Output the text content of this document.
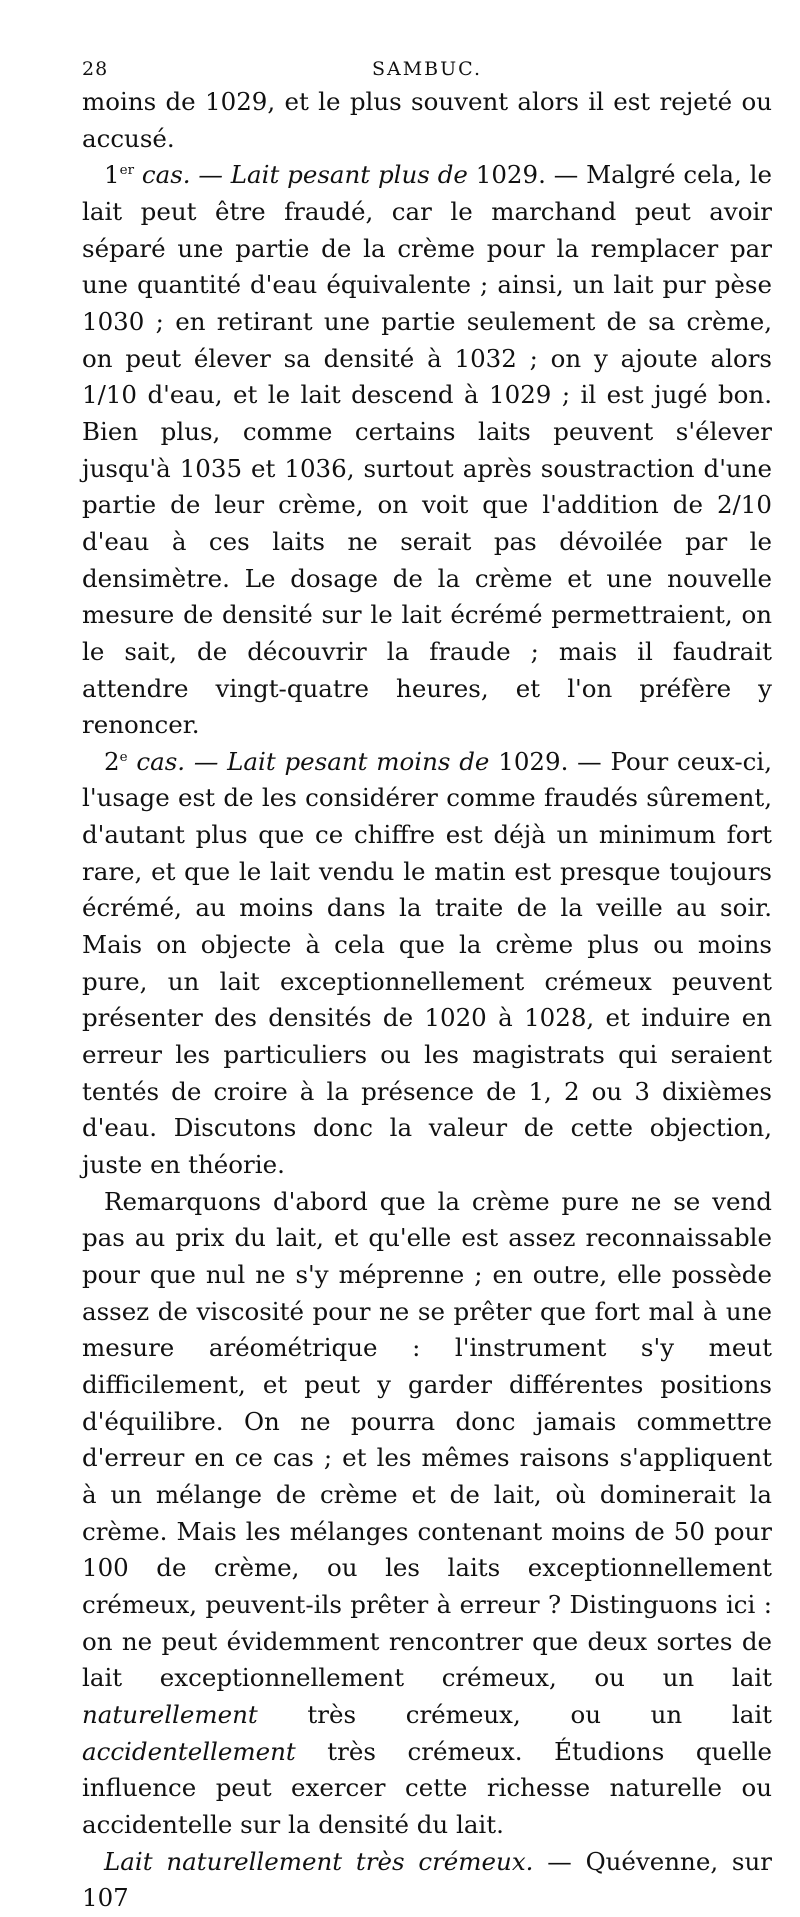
28	SAMBUC.

moins de 1029, et le plus souvent alors il est rejeté ou accusé.

1er cas. — Lait pesant plus de 1029. — Malgré cela, le lait peut être fraudé, car le marchand peut avoir séparé une partie de la crème pour la remplacer par une quantité d'eau équivalente ; ainsi, un lait pur pèse 1030 ; en retirant une partie seulement de sa crème, on peut élever sa densité à 1032 ; on y ajoute alors 1/10 d'eau, et le lait descend à 1029 ; il est jugé bon. Bien plus, comme certains laits peuvent s'élever jusqu'à 1035 et 1036, surtout après soustraction d'une partie de leur crème, on voit que l'addition de 2/10 d'eau à ces laits ne serait pas dévoilée par le densimètre. Le dosage de la crème et une nouvelle mesure de densité sur le lait écrémé permettraient, on le sait, de découvrir la fraude ; mais il faudrait attendre vingt-quatre heures, et l'on préfère y renoncer.

2e cas. — Lait pesant moins de 1029. — Pour ceux-ci, l'usage est de les considérer comme fraudés sûrement, d'autant plus que ce chiffre est déjà un minimum fort rare, et que le lait vendu le matin est presque toujours écrémé, au moins dans la traite de la veille au soir. Mais on objecte à cela que la crème plus ou moins pure, un lait exceptionnellement crémeux peuvent présenter des densités de 1020 à 1028, et induire en erreur les particuliers ou les magistrats qui seraient tentés de croire à la présence de 1, 2 ou 3 dixièmes d'eau. Discutons donc la valeur de cette objection, juste en théorie.

Remarquons d'abord que la crème pure ne se vend pas au prix du lait, et qu'elle est assez reconnaissable pour que nul ne s'y méprenne ; en outre, elle possède assez de viscosité pour ne se prêter que fort mal à une mesure aréométrique : l'instrument s'y meut difficilement, et peut y garder différentes positions d'équilibre. On ne pourra donc jamais commettre d'erreur en ce cas ; et les mêmes raisons s'appliquent à un mélange de crème et de lait, où dominerait la crème. Mais les mélanges contenant moins de 50 pour 100 de crème, ou les laits exceptionnellement crémeux, peuvent-ils prêter à erreur ? Distinguons ici : on ne peut évidemment rencontrer que deux sortes de lait exceptionnellement crémeux, ou un lait naturellement très crémeux, ou un lait accidentellement très crémeux. Étudions quelle influence peut exercer cette richesse naturelle ou accidentelle sur la densité du lait.

Lait naturellement très crémeux. — Quévenne, sur 107
